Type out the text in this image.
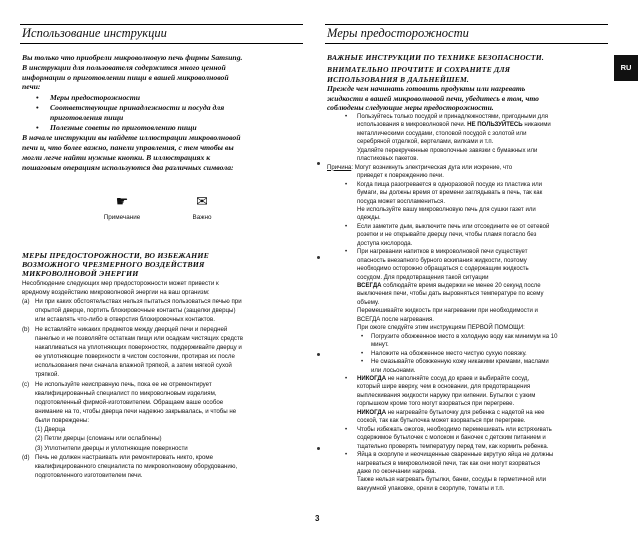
Использование инструкции	Меры предосторожности
RU
Вы только что приобрели микроволновую печь фирмы Samsung.
В инструкции для пользователя содержится много ценной
информации о приготовлении пищи в вашей микроволновой
печи:
• Меры предосторожности
• Соответствующие принадлежности и посуда для
приготовления пищи
• Полезные советы по приготовлению пищи
В начале инструкции вы найдете иллюстрации микроволновой
печи и, что более важно, панели управления, с тем чтобы вы
могли легче найти нужные кнопки. В иллюстрациях к
пошаговым операциям используются два различных символа:
☛
Примечание
✉
Важно
МЕРЫ ПРЕДОСТОРОЖНОСТИ, ВО ИЗБЕЖАНИЕ
ВОЗМОЖНОГО ЧРЕЗМЕРНОГО ВОЗДЕЙСТВИЯ
МИКРОВОЛНОВОЙ ЭНЕРГИИ
Несоблюдение следующих мер предосторожности может привести к
вредному воздействию микроволновой энергии на ваш организм:
(a) Ни при каких обстоятельствах нельзя пытаться пользоваться печью при
открытой дверце, портить блокировочные контакты (защелки дверцы)
или вставлять что-либо в отверстия блокировочных контактов.
(b) Не вставляйте никаких предметов между дверцей печи и передней
панелью и не позволяйте остаткам пищи или осадкам чистящих средств
накапливаться на уплотняющих поверхностях, поддерживайте дверцу и
ее уплотняющие поверхности в чистом состоянии, протирая их после
использования печи сначала влажной тряпкой, а затем мягкой сухой
тряпкой.
(c) Не используйте неисправную печь, пока ее не отремонтирует
квалифицированный специалист по микроволновым изделиям,
подготовленный фирмой-изготовителем. Обращаем ваше особое
внимание на то, чтобы дверца печи надежно закрывалась, и чтобы не
были повреждены:
(1) Дверца
(2) Петли дверцы (сломаны или ослаблены)
(3) Уплотнители дверцы и уплотняющие поверхности
(d) Печь не должен настраивать или ремонтировать никто, кроме
квалифицированного специалиста по микроволновому оборудованию,
подготовленного изготовителем печи.
ВАЖНЫЕ ИНСТРУКЦИИ ПО ТЕХНИКЕ БЕЗОПАСНОСТИ.
ВНИМАТЕЛЬНО ПРОЧТИТЕ И СОХРАНИТЕ ДЛЯ
ИСПОЛЬЗОВАНИЯ В ДАЛЬНЕЙШЕМ.
Прежде чем начинать готовить продукты или нагревать
жидкости в вашей микроволновой печи, убедитесь в том, что
соблюдены следующие меры предосторожности.
• Пользуйтесь только посудой и принадлежностями, пригодными для
использования в микроволновой печи. НЕ ПОЛЬЗУЙТЕСЬ никакими
металлическими сосудами, столовой посудой с золотой или
серебряной отделкой, вертелами, вилками и т.п.
Удаляйте перекрученные проволочные завязки с бумажных или
пластиковых пакетов.
Причина: Могут возникнуть электрическая дуга или искрение, что
приведет к повреждению печи.
• Когда пища разогревается в одноразовой посуде из пластика или
бумаги, вы должны время от времени заглядывать в печь, так как
посуда может воспламениться.
Не используйте вашу микроволновую печь для сушки газет или
одежды.
• Если заметите дым, выключите печь или отсоедините ее от сетевой
розетки и не открывайте дверцу печи, чтобы пламя погасло без
доступа кислорода.
• При нагревании напитков в микроволновой печи существует
опасность внезапного бурного вскипания жидкости, поэтому
необходимо осторожно обращаться с содержащим жидкость
сосудом. Для предотвращения такой ситуации
ВСЕГДА соблюдайте время выдержки не менее 20 секунд после
выключения печи, чтобы дать выровняться температуре по всему
объему.
Перемешивайте жидкость при нагревании при необходимости и
ВСЕГДА после нагревания.
При ожоге следуйте этим инструкциям ПЕРВОЙ ПОМОЩИ:
• Погрузите обожженное место в холодную воду как минимум на 10
минут.
• Наложите на обожженное место чистую сухую повязку.
• Не смазывайте обожженную кожу никакими кремами, маслами
или лосьонами.
• НИКОГДА не наполняйте сосуд до краев и выбирайте сосуд,
который шире вверху, чем в основании, для предотвращения
выплескивания жидкости наружу при кипении. Бутылки с узким
горлышком кроме того могут взорваться при перегреве.
НИКОГДА не нагревайте бутылочку для ребенка с надетой на нее
соской, так как бутылочка может взорваться при перегреве.
• Чтобы избежать ожогов, необходимо перемешивать или встряхивать
содержимое бутылочек с молоком и баночек с детским питанием и
тщательно проверять температуру перед тем, как кормить ребенка.
• Яйца в скорлупе и неочищенные сваренные вкрутую яйца не должны
нагреваться в микроволновой печи, так как они могут взорваться
даже по окончании нагрева.
Также нельзя нагревать бутылки, банки, сосуды в герметичной или
вакуумной упаковке, орехи в скорлупе, томаты и т.п.
3
